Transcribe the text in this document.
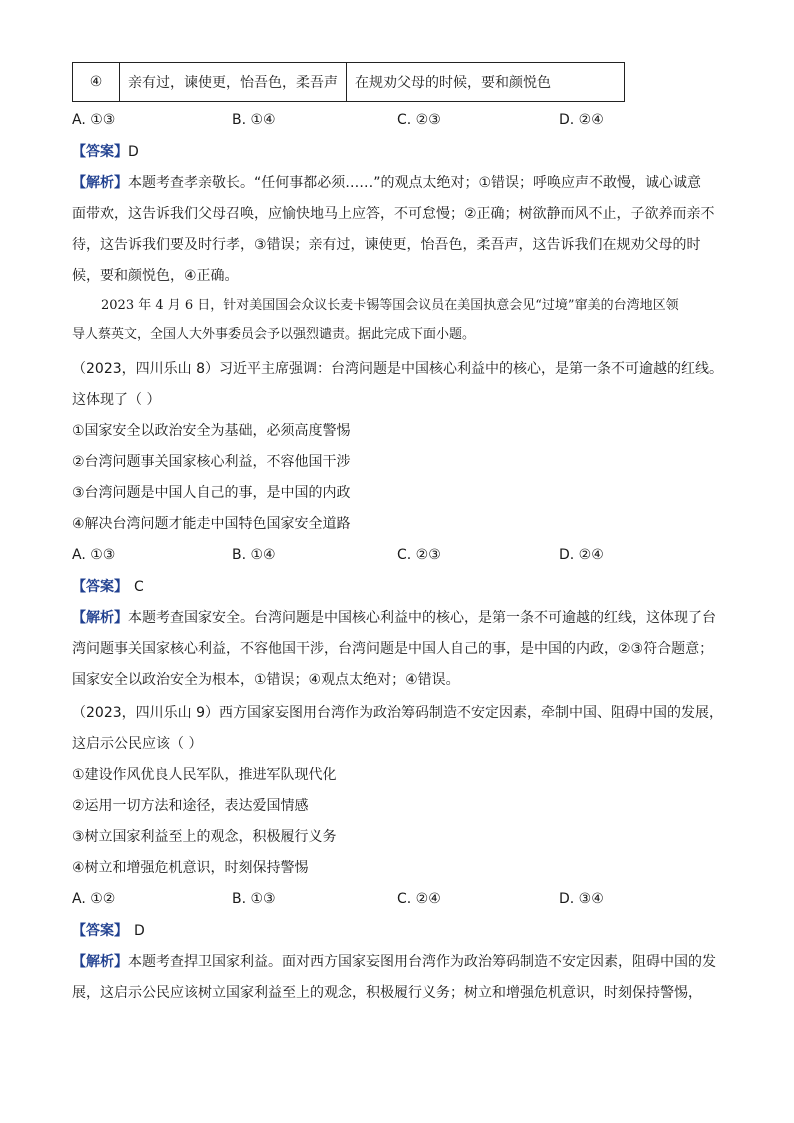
④	亲有过，谏使更，怡吾色，柔吾声	在规劝父母的时候，要和颜悦色
A. ①③	B. ①④	C. ②③	D. ②④
【答案】D
【解析】本题考查孝亲敬长。“任何事都必须……”的观点太绝对；①错误；呼唤应声不敢慢，诚心诚意
面带欢，这告诉我们父母召唤，应愉快地马上应答，不可怠慢；②正确；树欲静而风不止，子欲养而亲不
待，这告诉我们要及时行孝，③错误；亲有过，谏使更，怡吾色，柔吾声，这告诉我们在规劝父母的时
候，要和颜悦色，④正确。
2023 年 4 月 6 日，针对美国国会众议长麦卡锡等国会议员在美国执意会见“过境”窜美的台湾地区领
导人蔡英文，全国人大外事委员会予以强烈谴责。据此完成下面小题。
（2023，四川乐山 8）习近平主席强调：台湾问题是中国核心利益中的核心，是第一条不可逾越的红线。
这体现了（ ）
①国家安全以政治安全为基础，必须高度警惕
②台湾问题事关国家核心利益，不容他国干涉
③台湾问题是中国人自己的事，是中国的内政
④解决台湾问题才能走中国特色国家安全道路
A. ①③	B. ①④	C. ②③	D. ②④
【答案】 C
【解析】本题考查国家安全。台湾问题是中国核心利益中的核心，是第一条不可逾越的红线，这体现了台
湾问题事关国家核心利益，不容他国干涉，台湾问题是中国人自己的事，是中国的内政，②③符合题意；
国家安全以政治安全为根本，①错误；④观点太绝对；④错误。
（2023，四川乐山 9）西方国家妄图用台湾作为政治筹码制造不安定因素，牵制中国、阻碍中国的发展，
这启示公民应该（ ）
①建设作风优良人民军队，推进军队现代化
②运用一切方法和途径，表达爱国情感
③树立国家利益至上的观念，积极履行义务
④树立和增强危机意识，时刻保持警惕
A. ①②	B. ①③	C. ②④	D. ③④
【答案】 D
【解析】本题考查捍卫国家利益。面对西方国家妄图用台湾作为政治筹码制造不安定因素，阻碍中国的发
展，这启示公民应该树立国家利益至上的观念，积极履行义务；树立和增强危机意识，时刻保持警惕，
